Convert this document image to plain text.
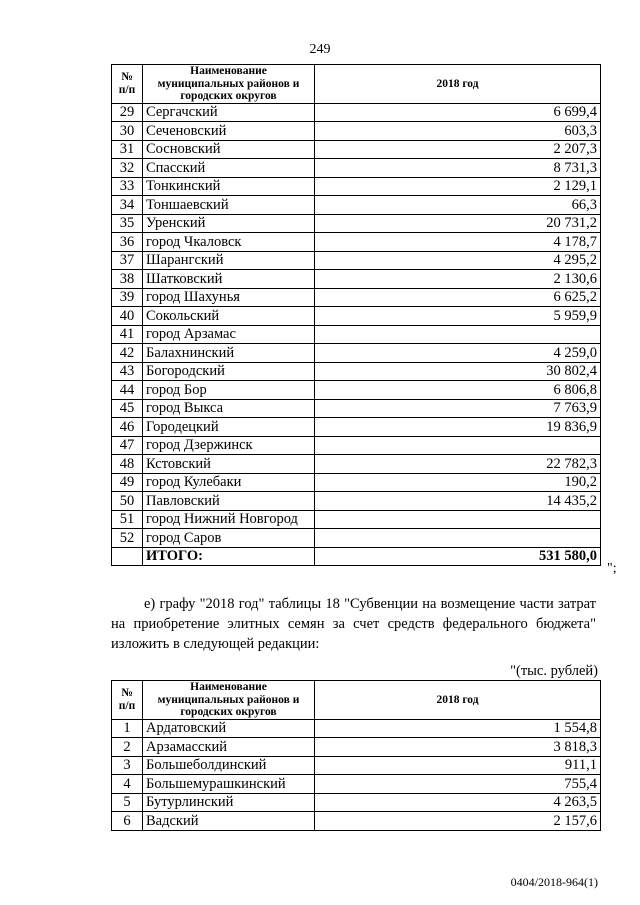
249
№ п/п	Наименование муниципальных районов и городских округов	2018 год
29	Сергачский	6 699,4
30	Сеченовский	603,3
31	Сосновский	2 207,3
32	Спасский	8 731,3
33	Тонкинский	2 129,1
34	Тоншаевский	66,3
35	Уренский	20 731,2
36	город Чкаловск	4 178,7
37	Шарангский	4 295,2
38	Шатковский	2 130,6
39	город Шахунья	6 625,2
40	Сокольский	5 959,9
41	город Арзамас	
42	Балахнинский	4 259,0
43	Богородский	30 802,4
44	город Бор	6 806,8
45	город Выкса	7 763,9
46	Городецкий	19 836,9
47	город Дзержинск	
48	Кстовский	22 782,3
49	город Кулебаки	190,2
50	Павловский	14 435,2
51	город Нижний Новгород	
52	город Саров	
	ИТОГО:	531 580,0
";
е) графу "2018 год" таблицы 18 "Субвенции на возмещение части затрат на приобретение элитных семян за счет средств федерального бюджета" изложить в следующей редакции:
"(тыс. рублей)
№ п/п	Наименование муниципальных районов и городских округов	2018 год
1	Ардатовский	1 554,8
2	Арзамасский	3 818,3
3	Большеболдинский	911,1
4	Большемурашкинский	755,4
5	Бутурлинский	4 263,5
6	Вадский	2 157,6
0404/2018-964(1)
